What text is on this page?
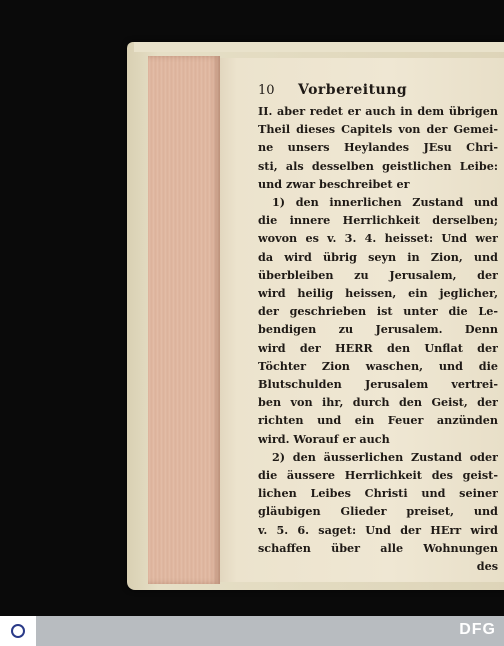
10	Vorbereitung
II. aber redet er auch in dem übrigen
Theil dieses Capitels von der Gemei-
ne unsers Heylandes JEsu Chri-
sti, als desselben geistlichen Leibe:
und zwar beschreibet er
1) den innerlichen Zustand und
die innere Herrlichkeit derselben;
wovon es v. 3. 4. heisset: Und wer
da wird übrig seyn in Zion, und
überbleiben zu Jerusalem, der
wird heilig heissen, ein jeglicher,
der geschrieben ist unter die Le-
bendigen zu Jerusalem. Denn
wird der HERR den Unflat der
Töchter Zion waschen, und die
Blutschulden Jerusalem vertrei-
ben von ihr, durch den Geist, der
richten und ein Feuer anzünden
wird. Worauf er auch
2) den äusserlichen Zustand oder
die äussere Herrlichkeit des geist-
lichen Leibes Christi und seiner
gläubigen Glieder preiset, und
v. 5. 6. saget: Und der HErr wird
schaffen über alle Wohnungen
des
DFG
